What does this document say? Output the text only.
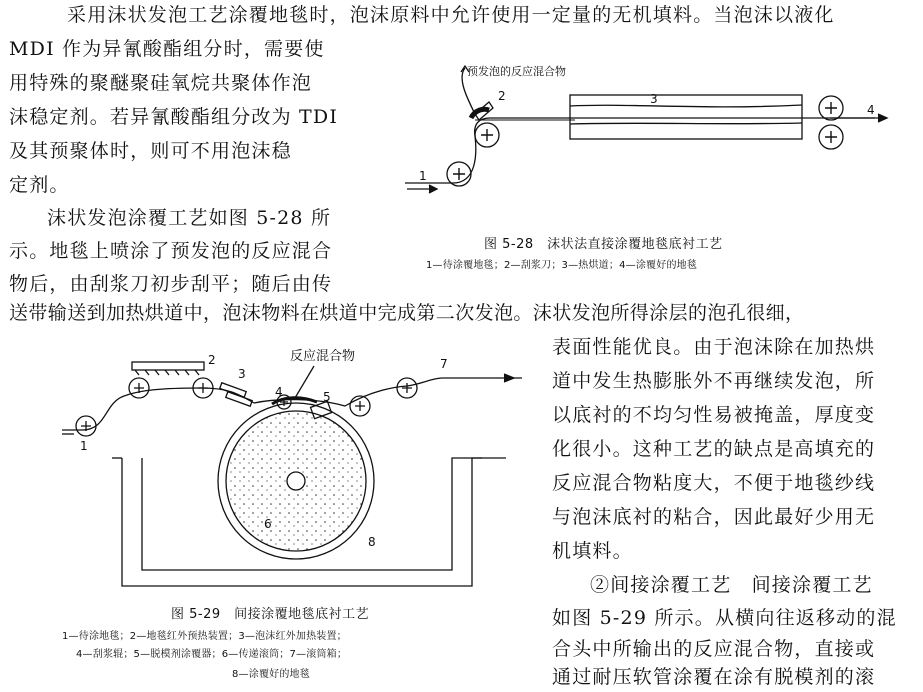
采用沫状发泡工艺涂覆地毯时，泡沫原料中允许使用一定量的无机填料。当泡沫以液化
MDI 作为异氰酸酯组分时，需要使
用特殊的聚醚聚硅氧烷共聚体作泡
沫稳定剂。若异氰酸酯组分改为 TDI
及其预聚体时，则可不用泡沫稳
定剂。
沫状发泡涂覆工艺如图 5-28 所
示。地毯上喷涂了预发泡的反应混合
物后，由刮浆刀初步刮平；随后由传
送带输送到加热烘道中，泡沫物料在烘道中完成第二次发泡。沫状发泡所得涂层的泡孔很细，
表面性能优良。由于泡沫除在加热烘
道中发生热膨胀外不再继续发泡，所
以底衬的不均匀性易被掩盖，厚度变
化很小。这种工艺的缺点是高填充的
反应混合物粘度大，不便于地毯纱线
与泡沫底衬的粘合，因此最好少用无
机填料。
②间接涂覆工艺　间接涂覆工艺
如图 5-29 所示。从横向往返移动的混
合头中所输出的反应混合物，直接或
通过耐压软管涂覆在涂有脱模剂的滚
预发泡的反应混合物
1
2	3
4
图 5-28　沫状法直接涂覆地毯底衬工艺
1—待涂覆地毯；2—刮浆刀；3—热烘道；4—涂覆好的地毯
反应混合物
1
2
3
4	5
6
7
8
图 5-29　间接涂覆地毯底衬工艺
1—待涂地毯；2—地毯红外预热装置；3—泡沫红外加热装置；
4—刮浆辊；5—脱模剂涂覆器；6—传递滚筒；7—滚筒箱；
8—涂覆好的地毯
